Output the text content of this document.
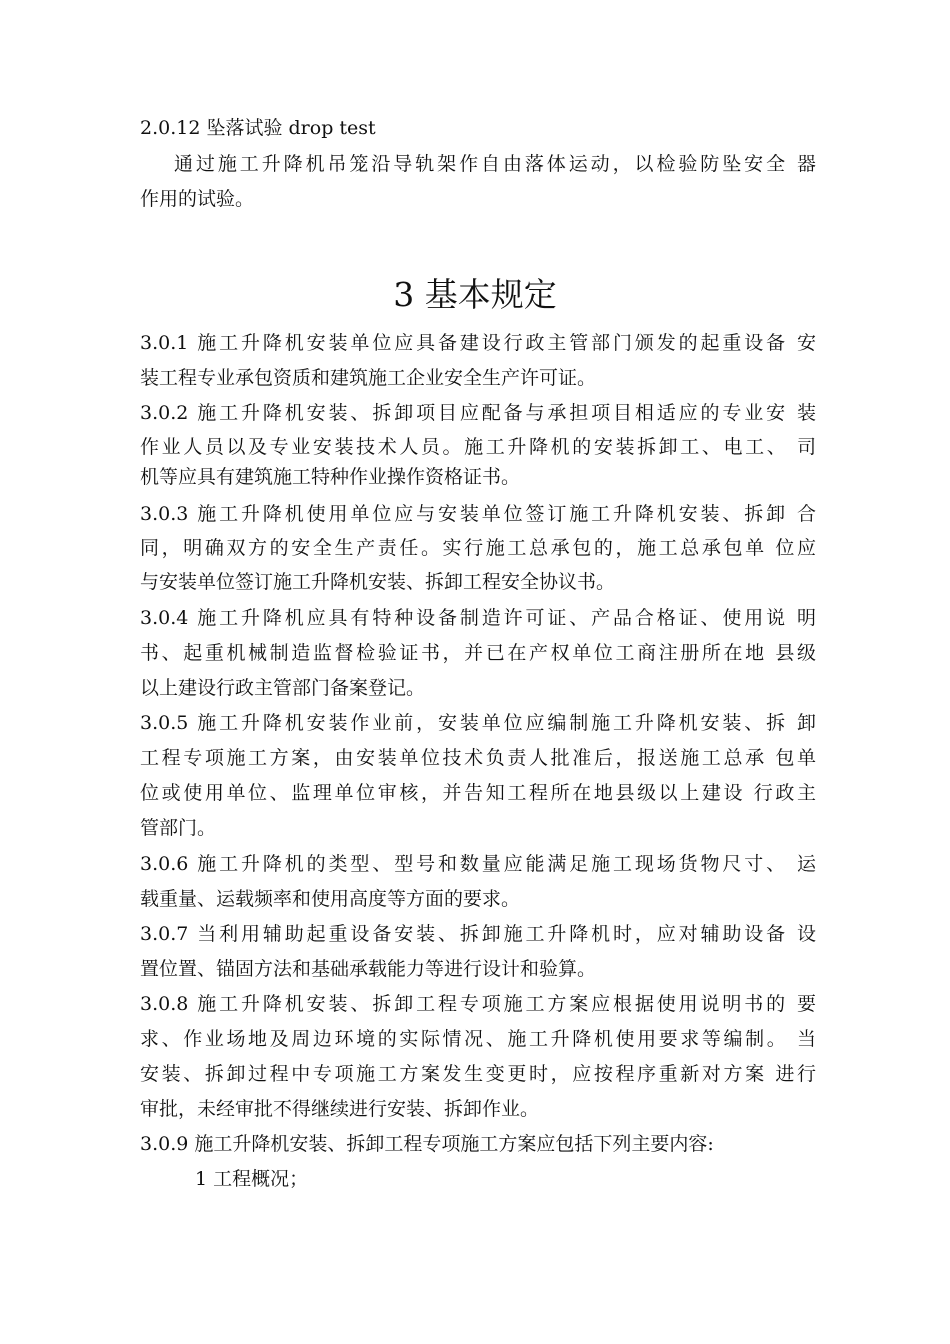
2.0.12 坠落试验 drop test
通过施工升降机吊笼沿导轨架作自由落体运动，以检验防坠安全 器
作用的试验。
3 基本规定
3.0.1 施工升降机安装单位应具备建设行政主管部门颁发的起重设备 安
装工程专业承包资质和建筑施工企业安全生产许可证。
3.0.2 施工升降机安装、拆卸项目应配备与承担项目相适应的专业安 装
作业人员以及专业安装技术人员。施工升降机的安装拆卸工、电工、 司
机等应具有建筑施工特种作业操作资格证书。
3.0.3 施工升降机使用单位应与安装单位签订施工升降机安装、拆卸 合
同，明确双方的安全生产责任。实行施工总承包的，施工总承包单 位应
与安装单位签订施工升降机安装、拆卸工程安全协议书。
3.0.4 施工升降机应具有特种设备制造许可证、产品合格证、使用说 明
书、起重机械制造监督检验证书，并已在产权单位工商注册所在地 县级
以上建设行政主管部门备案登记。
3.0.5 施工升降机安装作业前，安装单位应编制施工升降机安装、拆 卸
工程专项施工方案，由安装单位技术负责人批准后，报送施工总承 包单
位或使用单位、监理单位审核，并告知工程所在地县级以上建设 行政主
管部门。
3.0.6 施工升降机的类型、型号和数量应能满足施工现场货物尺寸、 运
载重量、运载频率和使用高度等方面的要求。
3.0.7 当利用辅助起重设备安装、拆卸施工升降机时，应对辅助设备 设
置位置、锚固方法和基础承载能力等进行设计和验算。
3.0.8 施工升降机安装、拆卸工程专项施工方案应根据使用说明书的 要
求、作业场地及周边环境的实际情况、施工升降机使用要求等编制。 当
安装、拆卸过程中专项施工方案发生变更时，应按程序重新对方案 进行
审批，未经审批不得继续进行安装、拆卸作业。
3.0.9 施工升降机安装、拆卸工程专项施工方案应包括下列主要内容:
1 工程概况；
